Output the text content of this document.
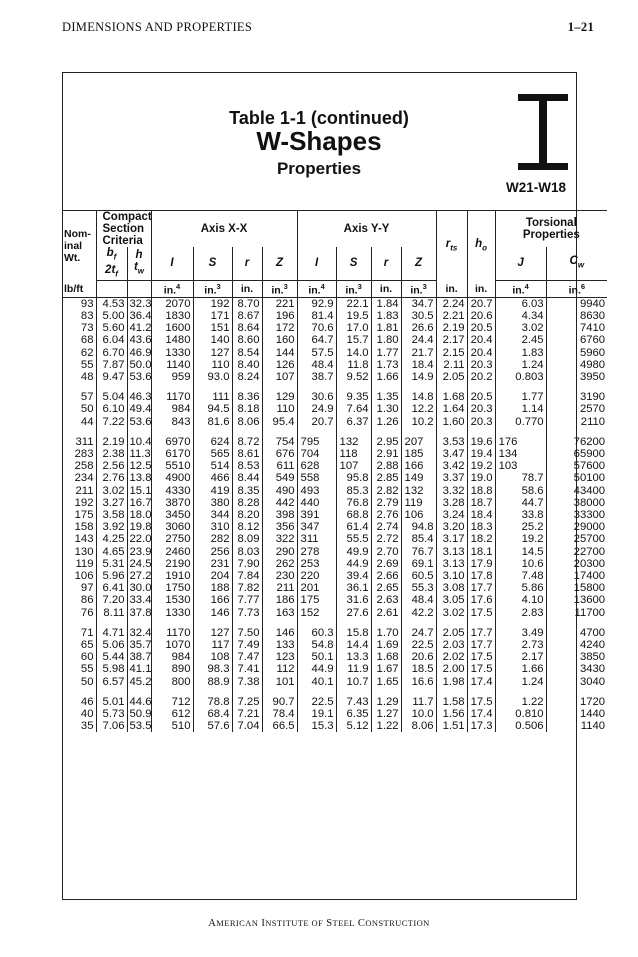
DIMENSIONS AND PROPERTIES	1–21
Table 1-1 (continued)
W-Shapes
Properties
W21-W18
Nom-inal Wt.	Compact Section Criteria		Axis X-X				Axis Y-Y				$r_{ts}$	$h_o$	Torsional Properties	
	$b_f$
$2t_f$	h
$t_w$	I	S	r	Z	I	S	r	Z			J	$C_w$
lb/ft			in.$^4$	in.$^3$	in.	in.$^3$	in.$^4$	in.$^3$	in.	in.$^3$	in.	in.	in.$^4$	in.$^6$
93	4.53	32.3	2070	192	8.70	221	92.9	22.1	1.84	34.7	2.24	20.7	6.03	9940
83	5.00	36.4	1830	171	8.67	196	81.4	19.5	1.83	30.5	2.21	20.6	4.34	8630
73	5.60	41.2	1600	151	8.64	172	70.6	17.0	1.81	26.6	2.19	20.5	3.02	7410
68	6.04	43.6	1480	140	8.60	160	64.7	15.7	1.80	24.4	2.17	20.4	2.45	6760
62	6.70	46.9	1330	127	8.54	144	57.5	14.0	1.77	21.7	2.15	20.4	1.83	5960
55	7.87	50.0	1140	110	8.40	126	48.4	11.8	1.73	18.4	2.11	20.3	1.24	4980
48	9.47	53.6	959	93.0	8.24	107	38.7	9.52	1.66	14.9	2.05	20.2	0.803	3950

57	5.04	46.3	1170	111	8.36	129	30.6	9.35	1.35	14.8	1.68	20.5	1.77	3190
50	6.10	49.4	984	94.5	8.18	110	24.9	7.64	1.30	12.2	1.64	20.3	1.14	2570
44	7.22	53.6	843	81.6	8.06	95.4	20.7	6.37	1.26	10.2	1.60	20.3	0.770	2110

311	2.19	10.4	6970	624	8.72	754	795	132	2.95	207	3.53	19.6	176	76200
283	2.38	11.3	6170	565	8.61	676	704	118	2.91	185	3.47	19.4	134	65900
258	2.56	12.5	5510	514	8.53	611	628	107	2.88	166	3.42	19.2	103	57600
234	2.76	13.8	4900	466	8.44	549	558	95.8	2.85	149	3.37	19.0	78.7	50100
211	3.02	15.1	4330	419	8.35	490	493	85.3	2.82	132	3.32	18.8	58.6	43400
192	3.27	16.7	3870	380	8.28	442	440	76.8	2.79	119	3.28	18.7	44.7	38000
175	3.58	18.0	3450	344	8.20	398	391	68.8	2.76	106	3.24	18.4	33.8	33300
158	3.92	19.8	3060	310	8.12	356	347	61.4	2.74	94.8	3.20	18.3	25.2	29000
143	4.25	22.0	2750	282	8.09	322	311	55.5	2.72	85.4	3.17	18.2	19.2	25700
130	4.65	23.9	2460	256	8.03	290	278	49.9	2.70	76.7	3.13	18.1	14.5	22700
119	5.31	24.5	2190	231	7.90	262	253	44.9	2.69	69.1	3.13	17.9	10.6	20300
106	5.96	27.2	1910	204	7.84	230	220	39.4	2.66	60.5	3.10	17.8	7.48	17400
97	6.41	30.0	1750	188	7.82	211	201	36.1	2.65	55.3	3.08	17.7	5.86	15800
86	7.20	33.4	1530	166	7.77	186	175	31.6	2.63	48.4	3.05	17.6	4.10	13600
76	8.11	37.8	1330	146	7.73	163	152	27.6	2.61	42.2	3.02	17.5	2.83	11700

71	4.71	32.4	1170	127	7.50	146	60.3	15.8	1.70	24.7	2.05	17.7	3.49	4700
65	5.06	35.7	1070	117	7.49	133	54.8	14.4	1.69	22.5	2.03	17.7	2.73	4240
60	5.44	38.7	984	108	7.47	123	50.1	13.3	1.68	20.6	2.02	17.5	2.17	3850
55	5.98	41.1	890	98.3	7.41	112	44.9	11.9	1.67	18.5	2.00	17.5	1.66	3430
50	6.57	45.2	800	88.9	7.38	101	40.1	10.7	1.65	16.6	1.98	17.4	1.24	3040

46	5.01	44.6	712	78.8	7.25	90.7	22.5	7.43	1.29	11.7	1.58	17.5	1.22	1720
40	5.73	50.9	612	68.4	7.21	78.4	19.1	6.35	1.27	10.0	1.56	17.4	0.810	1440
35	7.06	53.5	510	57.6	7.04	66.5	15.3	5.12	1.22	8.06	1.51	17.3	0.506	1140
AMERICAN INSTITUTE OF STEEL CONSTRUCTION
